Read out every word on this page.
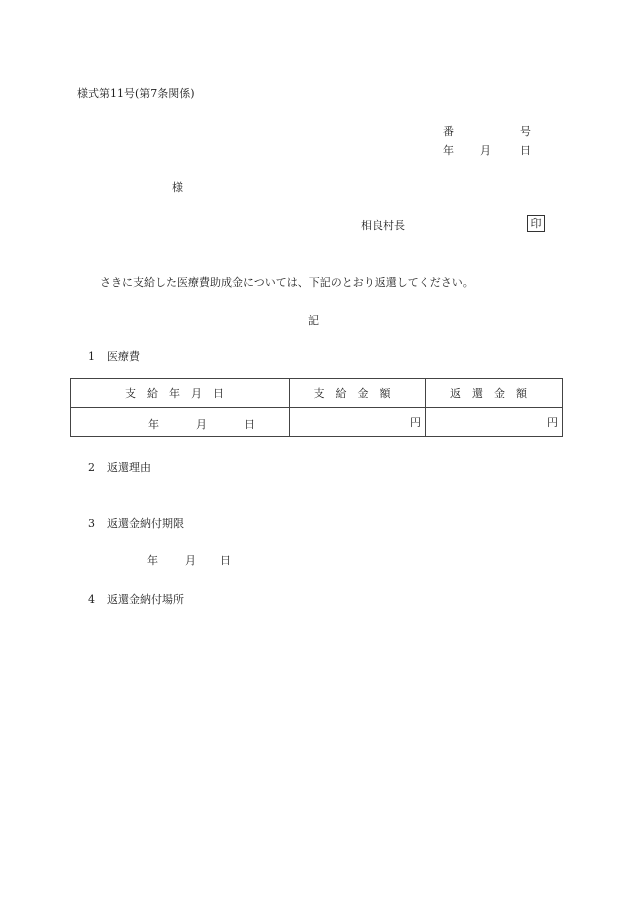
様式第11号(第7条関係)
番	号
年 月	日
様
相良村長	印
さきに支給した医療費助成金については、下記のとおり返還してください。
記
1 医療費
支給年月日	支給金額	返還金額

年 月 日	円	円
2 返還理由
3 返還金納付期限
年 月 日
4 返還金納付場所
